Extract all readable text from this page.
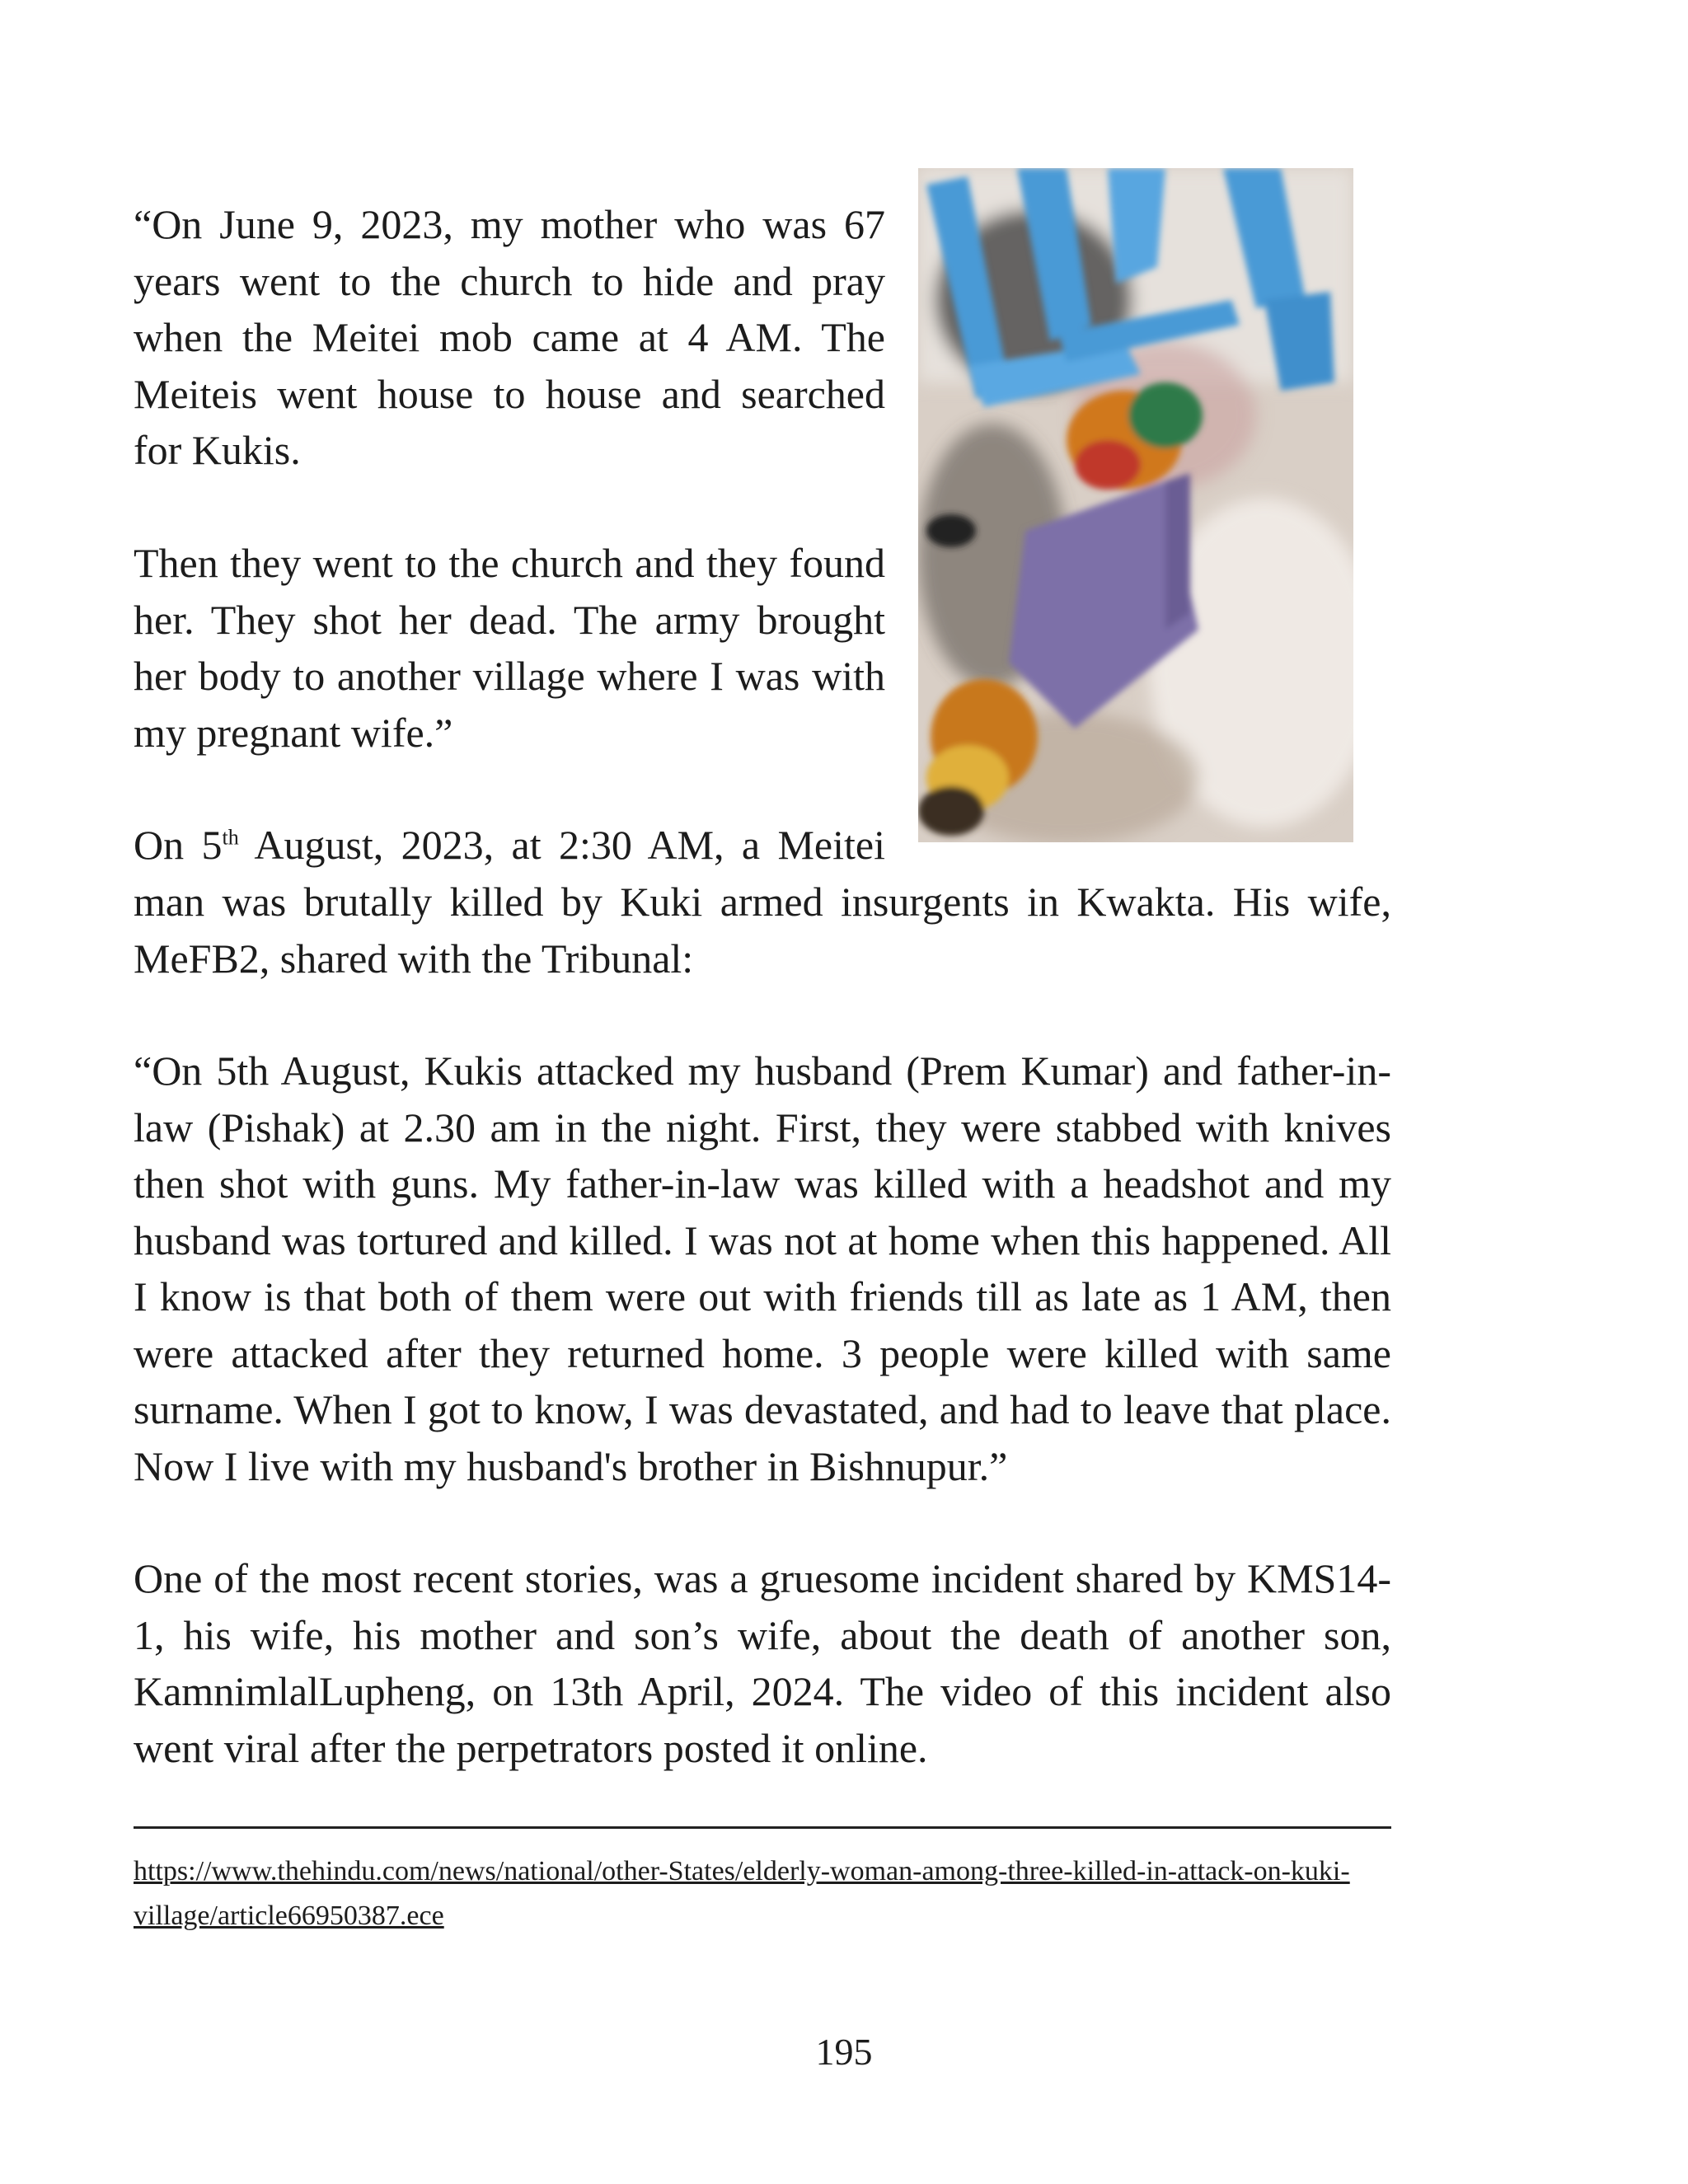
“On June 9, 2023, my mother who was 67 years went to the church to hide and pray when the Meitei mob came at 4 AM. The Meiteis went house to house and searched for Kukis.

Then they went to the church and they found her. They shot her dead. The army brought her body to another village where I was with my pregnant wife.”

On 5th August, 2023, at 2:30 AM, a Meitei

man was brutally killed by Kuki armed insurgents in Kwakta. His wife, MeFB2, shared with the Tribunal:

“On 5th August, Kukis attacked my husband (Prem Kumar) and father-in-law (Pishak) at 2.30 am in the night. First, they were stabbed with knives then shot with guns. My father-in-law was killed with a headshot and my husband was tortured and killed. I was not at home when this happened. All I know is that both of them were out with friends till as late as 1 AM, then were attacked after they returned home. 3 people were killed with same surname. When I got to know, I was devastated, and had to leave that place. Now I live with my husband's brother in Bishnupur.”

One of the most recent stories, was a gruesome incident shared by KMS14-1, his wife, his mother and son’s wife, about the death of another son, KamnimlalLupheng, on 13th April, 2024. The video of this incident also went viral after the perpetrators posted it online.

https://www.thehindu.com/news/national/other-States/elderly-woman-among-three-killed-in-attack-on-kuki-village/article66950387.ece

195
